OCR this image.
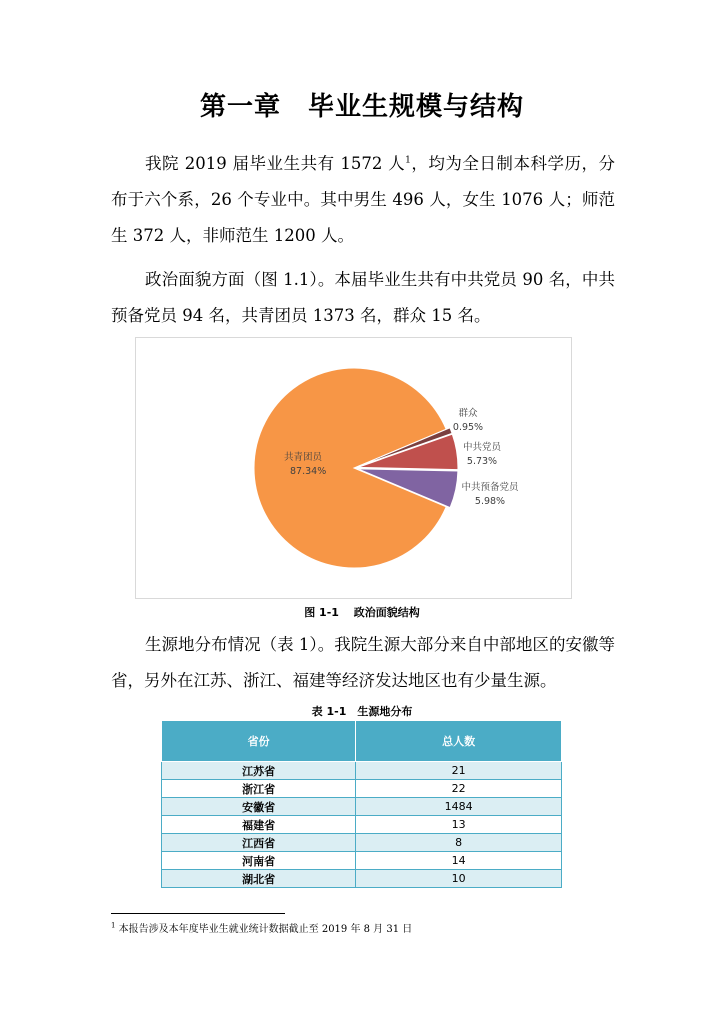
第一章　毕业生规模与结构

我院 2019 届毕业生共有 1572 人$^1$，均为全日制本科学历，分布于六个系，26 个专业中。其中男生 496 人，女生 1076 人；师范生 372 人，非师范生 1200 人。

政治面貌方面（图 1.1）。本届毕业生共有中共党员 90 名，中共预备党员 94 名，共青团员 1373 名，群众 15 名。

共青团员
87.34%
群众
0.95%
中共党员
5.73%
中共预备党员
5.98%
图 1-1　 政治面貌结构

生源地分布情况（表 1）。我院生源大部分来自中部地区的安徽等省，另外在江苏、浙江、福建等经济发达地区也有少量生源。

表 1-1　生源地分布
省份	总人数
江苏省	21
浙江省	22
安徽省	1484
福建省	13
江西省	8
河南省	14
湖北省	10
$^1$ 本报告涉及本年度毕业生就业统计数据截止至 2019 年 8 月 31 日
